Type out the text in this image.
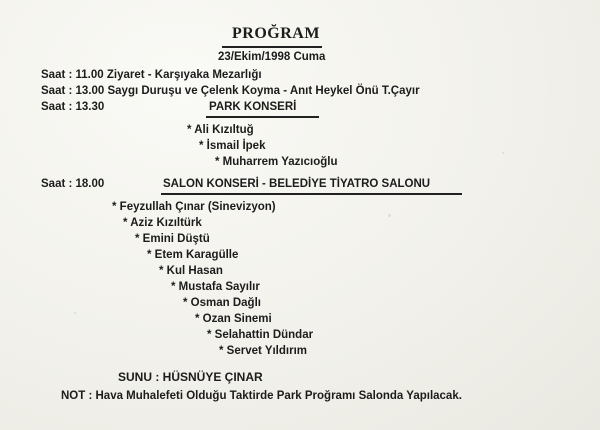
PROĞRAM
23/Ekim/1998 Cuma
Saat : 11.00 Ziyaret - Karşıyaka Mezarlığı
Saat : 13.00 Saygı Duruşu ve Çelenk Koyma - Anıt Heykel Önü T.Çayır
Saat : 13.30	PARK KONSERİ
* Ali Kızıltuğ
* İsmail İpek
* Muharrem Yazıcıoğlu
Saat : 18.00	SALON KONSERİ - BELEDİYE TİYATRO SALONU
* Feyzullah Çınar (Sinevizyon)
* Aziz Kızıltürk
* Emini Düştü
* Etem Karagülle
* Kul Hasan
* Mustafa Sayılır
* Osman Dağlı
* Ozan Sinemi
* Selahattin Dündar
* Servet Yıldırım
SUNU : HÜSNÜYE ÇINAR
NOT : Hava Muhalefeti Olduğu Taktirde Park Proğramı Salonda Yapılacak.
